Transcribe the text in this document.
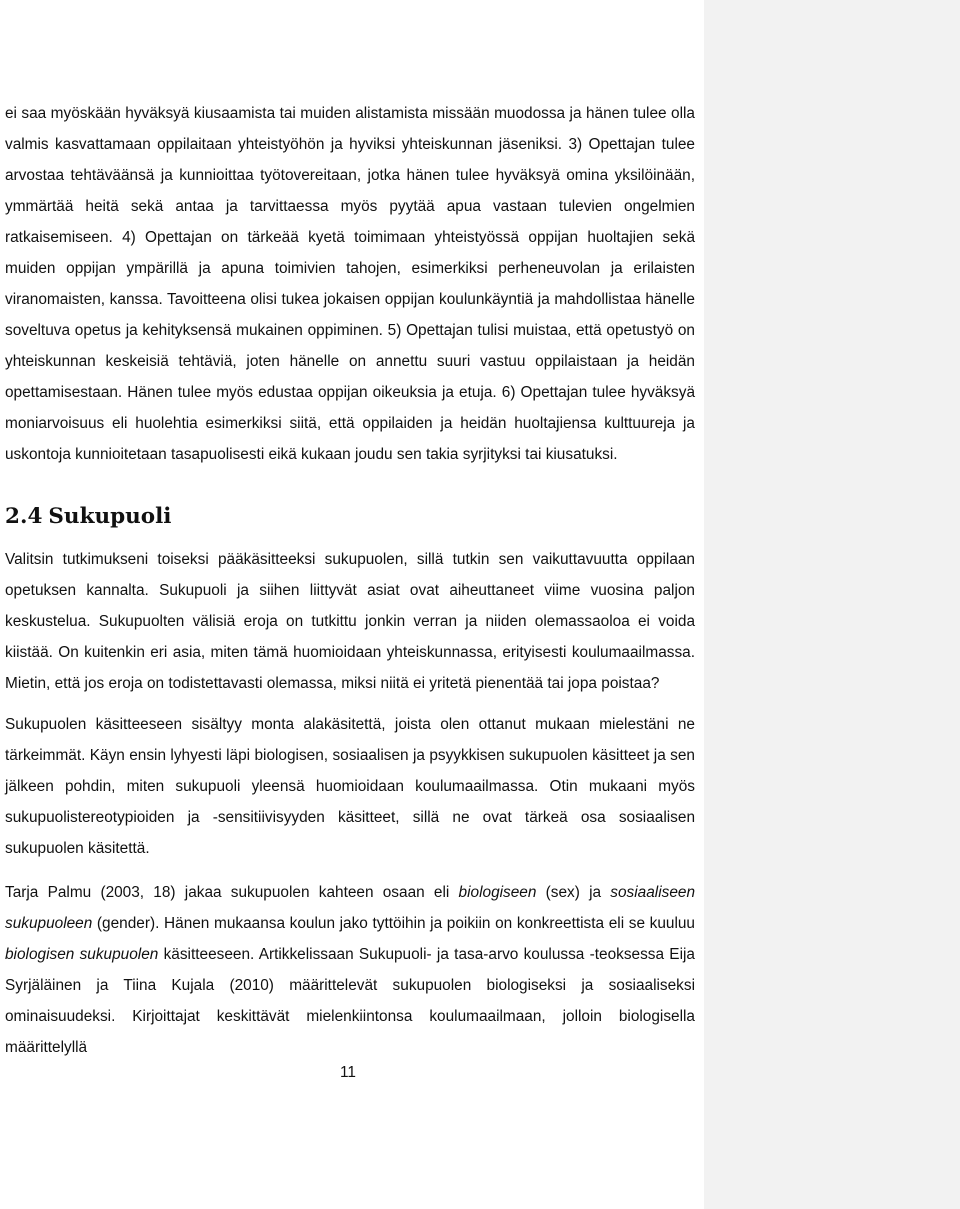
ei saa myöskään hyväksyä kiusaamista tai muiden alistamista missään muodossa ja hänen tulee olla valmis kasvattamaan oppilaitaan yhteistyöhön ja hyviksi yhteiskunnan jäseniksi. 3) Opettajan tulee arvostaa tehtäväänsä ja kunnioittaa työtovereitaan, jotka hänen tulee hyväksyä omina yksilöinään, ymmärtää heitä sekä antaa ja tarvittaessa myös pyytää apua vastaan tulevien ongelmien ratkaisemiseen. 4) Opettajan on tärkeää kyetä toimimaan yhteistyössä oppijan huoltajien sekä muiden oppijan ympärillä ja apuna toimivien tahojen, esimerkiksi perheneuvolan ja erilaisten viranomaisten, kanssa. Tavoitteena olisi tukea jokaisen oppijan koulunkäyntiä ja mahdollistaa hänelle soveltuva opetus ja kehityksensä mukainen oppiminen. 5) Opettajan tulisi muistaa, että opetustyö on yhteiskunnan keskeisiä tehtäviä, joten hänelle on annettu suuri vastuu oppilaistaan ja heidän opettamisestaan. Hänen tulee myös edustaa oppijan oikeuksia ja etuja. 6) Opettajan tulee hyväksyä moniarvoisuus eli huolehtia esimerkiksi siitä, että oppilaiden ja heidän huoltajiensa kulttuureja ja uskontoja kunnioitetaan tasapuolisesti eikä kukaan joudu sen takia syrjityksi tai kiusatuksi.

2.4 Sukupuoli

Valitsin tutkimukseni toiseksi pääkäsitteeksi sukupuolen, sillä tutkin sen vaikuttavuutta oppilaan opetuksen kannalta. Sukupuoli ja siihen liittyvät asiat ovat aiheuttaneet viime vuosina paljon keskustelua. Sukupuolten välisiä eroja on tutkittu jonkin verran ja niiden olemassaoloa ei voida kiistää. On kuitenkin eri asia, miten tämä huomioidaan yhteiskunnassa, erityisesti koulumaailmassa. Mietin, että jos eroja on todistettavasti olemassa, miksi niitä ei yritetä pienentää tai jopa poistaa?

Sukupuolen käsitteeseen sisältyy monta alakäsitettä, joista olen ottanut mukaan mielestäni ne tärkeimmät. Käyn ensin lyhyesti läpi biologisen, sosiaalisen ja psyykkisen sukupuolen käsitteet ja sen jälkeen pohdin, miten sukupuoli yleensä huomioidaan koulumaailmassa. Otin mukaani myös sukupuolistereotypioiden ja -sensitiivisyyden käsitteet, sillä ne ovat tärkeä osa sosiaalisen sukupuolen käsitettä.

Tarja Palmu (2003, 18) jakaa sukupuolen kahteen osaan eli biologiseen (sex) ja sosiaaliseen sukupuoleen (gender). Hänen mukaansa koulun jako tyttöihin ja poikiin on konkreettista eli se kuuluu biologisen sukupuolen käsitteeseen. Artikkelissaan Sukupuoli- ja tasa-arvo koulussa -teoksessa Eija Syrjäläinen ja Tiina Kujala (2010) määrittelevät sukupuolen biologiseksi ja sosiaaliseksi ominaisuudeksi. Kirjoittajat keskittävät mielenkiintonsa koulumaailmaan, jolloin biologisella määrittelyllä

11
